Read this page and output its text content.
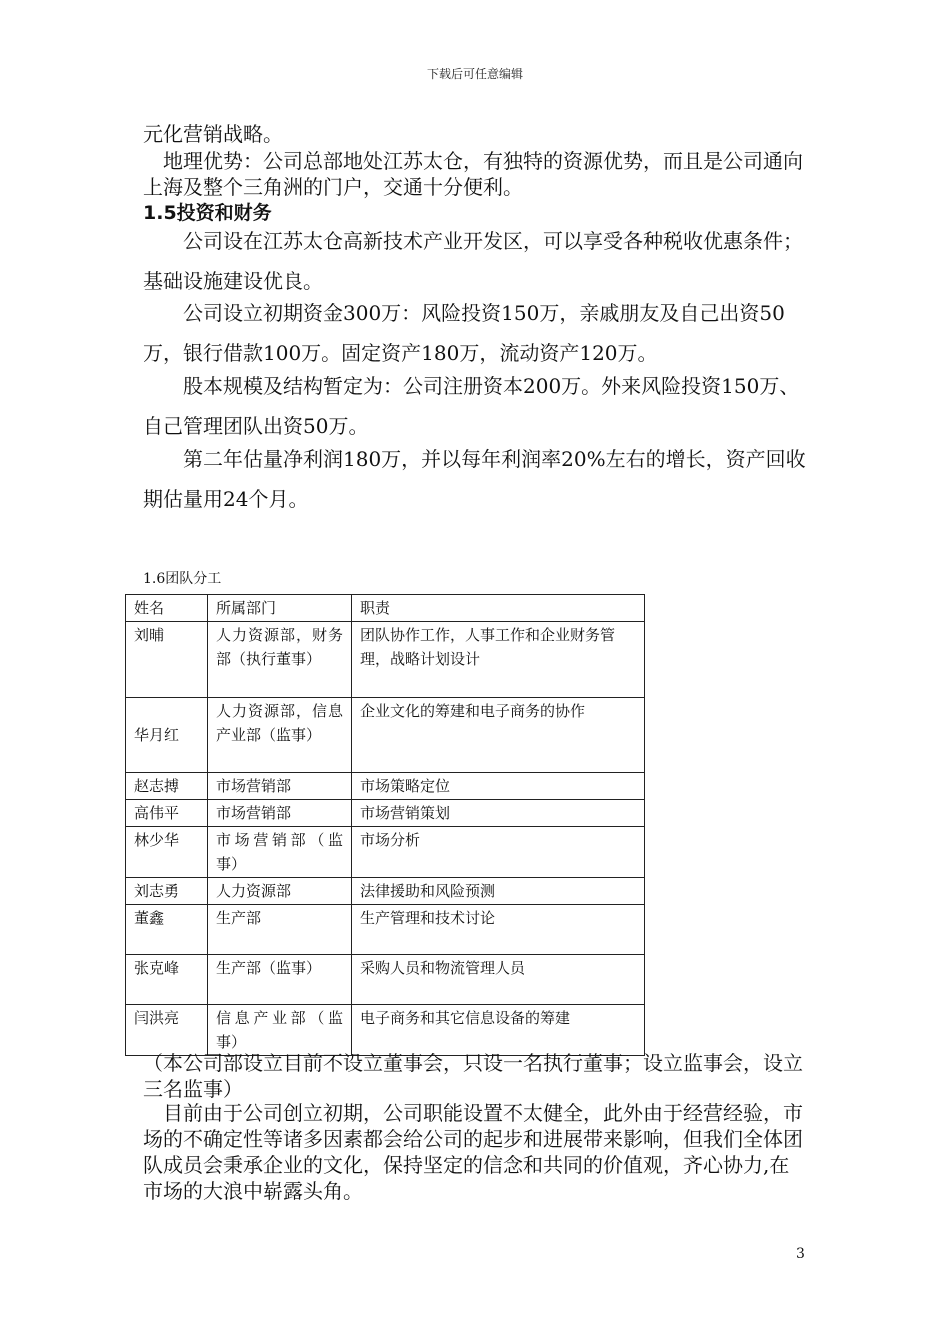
下载后可任意编辑

元化营销战略。

　地理优势：公司总部地处江苏太仓，有独特的资源优势，而且是公司通向上海及整个三角洲的门户，交通十分便利。

1.5投资和财务

　　公司设在江苏太仓高新技术产业开发区，可以享受各种税收优惠条件；基础设施建设优良。

　　公司设立初期资金300万：风险投资150万，亲戚朋友及自己出资50万，银行借款100万。固定资产180万，流动资产120万。

　　股本规模及结构暂定为：公司注册资本200万。外来风险投资150万、自己管理团队出资50万。

　　第二年估量净利润180万，并以每年利润率20%左右的增长，资产回收期估量用24个月。

1.6团队分工
姓名	所属部门	职责
刘晡	人力资源部，财务部（执行董事）	团队协作工作，人事工作和企业财务管理，战略计划设计
华月红	人力资源部，信息产业部（监事）	企业文化的筹建和电子商务的协作
赵志搏	市场营销部	市场策略定位
高伟平	市场营销部	市场营销策划
林少华	市场营销部（监事）	市场分析
刘志勇	人力资源部	法律援助和风险预测
董鑫	生产部	生产管理和技术讨论
张克峰	生产部（监事）	采购人员和物流管理人员
闫洪亮	信息产业部（监事）	电子商务和其它信息设备的筹建

（本公司部设立目前不设立董事会，只设一名执行董事；设立监事会，设立三名监事）

　目前由于公司创立初期，公司职能设置不太健全，此外由于经营经验，市场的不确定性等诸多因素都会给公司的起步和进展带来影响，但我们全体团队成员会秉承企业的文化，保持坚定的信念和共同的价值观，齐心协力,在市场的大浪中崭露头角。

3
